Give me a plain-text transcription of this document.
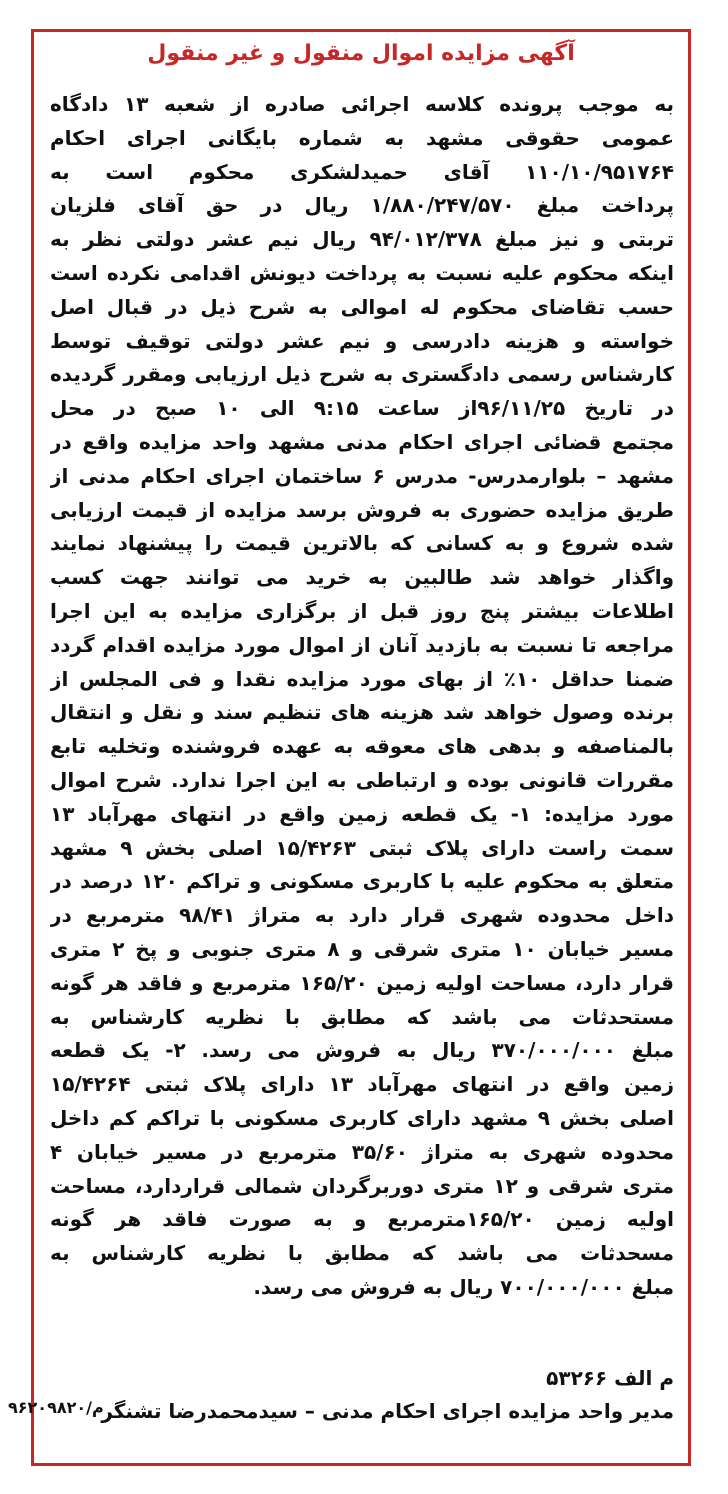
آگهی مزایده اموال منقول و غیر منقول
به موجب پرونده کلاسه اجرائی صادره از شعبه ۱۳ دادگاه
عمومی حقوقی مشهد به شماره بایگانی اجرای احکام
۱۱۰/۱۰/۹۵۱۷۶۴ آقای حمیدلشکری محکوم است به
پرداخت مبلغ ۱/۸۸۰/۲۴۷/۵۷۰ ریال در حق آقای فلزیان
تربتی و نیز مبلغ ۹۴/۰۱۲/۳۷۸ ریال نیم عشر دولتی نظر به
اینکه محکوم علیه نسبت به پرداخت دیونش اقدامی نکرده است
حسب تقاضای محکوم له اموالی به شرح ذیل در قبال اصل
خواسته و هزینه دادرسی و نیم عشر دولتی توقیف توسط
کارشناس رسمی دادگستری به شرح ذیل ارزیابی ومقرر گردیده
در تاریخ ۹۶/۱۱/۲۵از ساعت ۹:۱۵ الی ۱۰ صبح در محل
مجتمع قضائی اجرای احکام مدنی مشهد واحد مزایده واقع در
مشهد – بلوارمدرس- مدرس ۶ ساختمان اجرای احکام مدنی از
طریق مزایده حضوری به فروش برسد مزایده از قیمت ارزیابی
شده شروع و به کسانی که بالاترین قیمت را پیشنهاد نمایند
واگذار خواهد شد طالبین به خرید می توانند جهت کسب
اطلاعات بیشتر پنج روز قبل از برگزاری مزایده به این اجرا
مراجعه تا نسبت به بازدید آنان از اموال مورد مزایده اقدام گردد
ضمنا حداقل ۱۰٪ از بهای مورد مزایده نقدا و فی المجلس از
برنده وصول خواهد شد هزینه های تنظیم سند و نقل و انتقال
بالمناصفه و بدهی های معوقه به عهده فروشنده وتخلیه تابع
مقررات قانونی بوده و ارتباطی به این اجرا ندارد. شرح اموال
مورد مزایده: ۱- یک قطعه زمین واقع در انتهای مهرآباد ۱۳
سمت راست دارای پلاک ثبتی ۱۵/۴۲۶۳ اصلی بخش ۹ مشهد
متعلق به محکوم علیه با کاربری مسکونی و تراکم ۱۲۰ درصد در
داخل محدوده شهری قرار دارد به متراژ ۹۸/۴۱ مترمربع در
مسیر خیابان ۱۰ متری شرقی و ۸ متری جنوبی و پخ ۲ متری
قرار دارد، مساحت اولیه زمین ۱۶۵/۲۰ مترمربع و فاقد هر گونه
مستحدثات می باشد که مطابق با نظریه کارشناس به
مبلغ ۳۷۰/۰۰۰/۰۰۰ ریال به فروش می رسد. ۲- یک قطعه
زمین واقع در انتهای مهرآباد ۱۳ دارای پلاک ثبتی ۱۵/۴۲۶۴
اصلی بخش ۹ مشهد دارای کاربری مسکونی با تراکم کم داخل
محدوده شهری به متراژ ۳۵/۶۰ مترمربع در مسیر خیابان ۴
متری شرقی و ۱۲ متری دوربرگردان شمالی قراردارد، مساحت
اولیه زمین ۱۶۵/۲۰مترمربع و به صورت فاقد هر گونه
مسحدثات می باشد که مطابق با نظریه کارشناس به
مبلغ ۷۰۰/۰۰۰/۰۰۰ ریال به فروش می رسد.
م الف ۵۳۲۶۶
مدیر واحد مزایده اجرای احکام مدنی – سیدمحمدرضا تشنگر
م/۹۶۲۰۹۸۲۰
